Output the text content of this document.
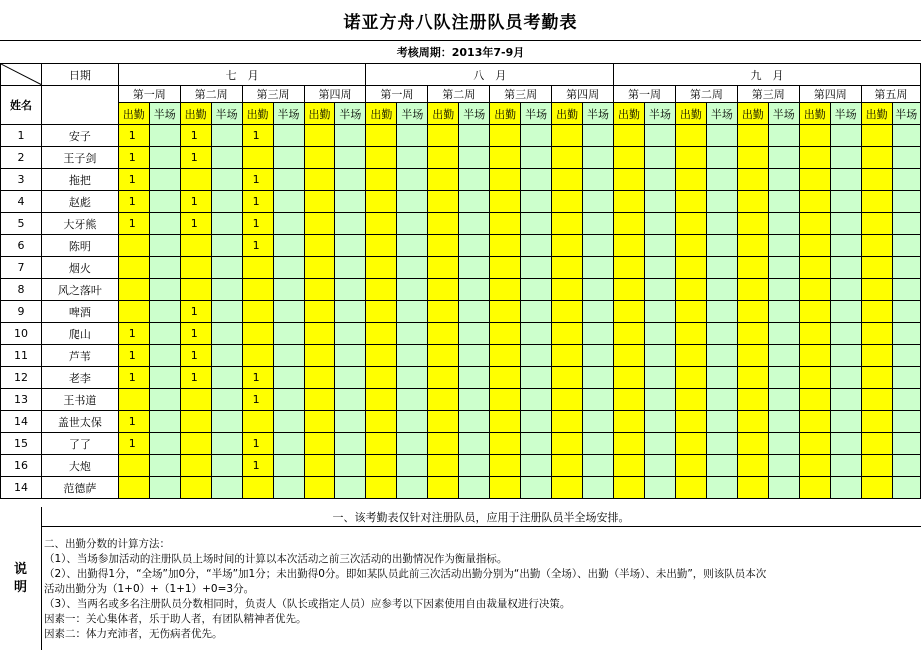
诺亚方舟八队注册队员考勤表
考核周期：2013年7-9月
	日期	七　月								八　月								九　月									
姓名		第一周		第二周		第三周		第四周		第一周		第二周		第三周		第四周		第一周		第二周		第三周		第四周		第五周	
		出勤	半场	出勤	半场	出勤	半场	出勤	半场	出勤	半场	出勤	半场	出勤	半场	出勤	半场	出勤	半场	出勤	半场	出勤	半场	出勤	半场	出勤	半场
1	安子	1		1		1																					
2	王子剑	1		1																							
3	拖把	1				1																					
4	赵彪	1		1		1																					
5	大牙熊	1		1		1																					
6	陈明					1																					
7	烟火																										
8	风之落叶																										
9	啤酒			1																							
10	爬山	1		1																							
11	芦苇	1		1																							
12	老李	1		1		1																					
13	王书道					1																					
14	盖世太保	1																									
15	了了	1				1																					
16	大炮					1																					
14	范德萨																										
说
明
一、该考勤表仅针对注册队员，应用于注册队员半全场安排。
二、出勤分数的计算方法：
（1）、当场参加活动的注册队员上场时间的计算以本次活动之前三次活动的出勤情况作为衡量指标。
（2）、出勤得1分，“全场”加0分，“半场”加1分；未出勤得0分。即如某队员此前三次活动出勤分别为“出勤（全场）、出勤（半场）、未出勤”，则该队员本次
活动出勤分为（1+0）+（1+1）+0=3分。
（3）、当两名或多名注册队员分数相同时，负责人（队长或指定人员）应参考以下因素使用自由裁量权进行决策。
因素一：关心集体者，乐于助人者，有团队精神者优先。
因素二：体力充沛者，无伤病者优先。
